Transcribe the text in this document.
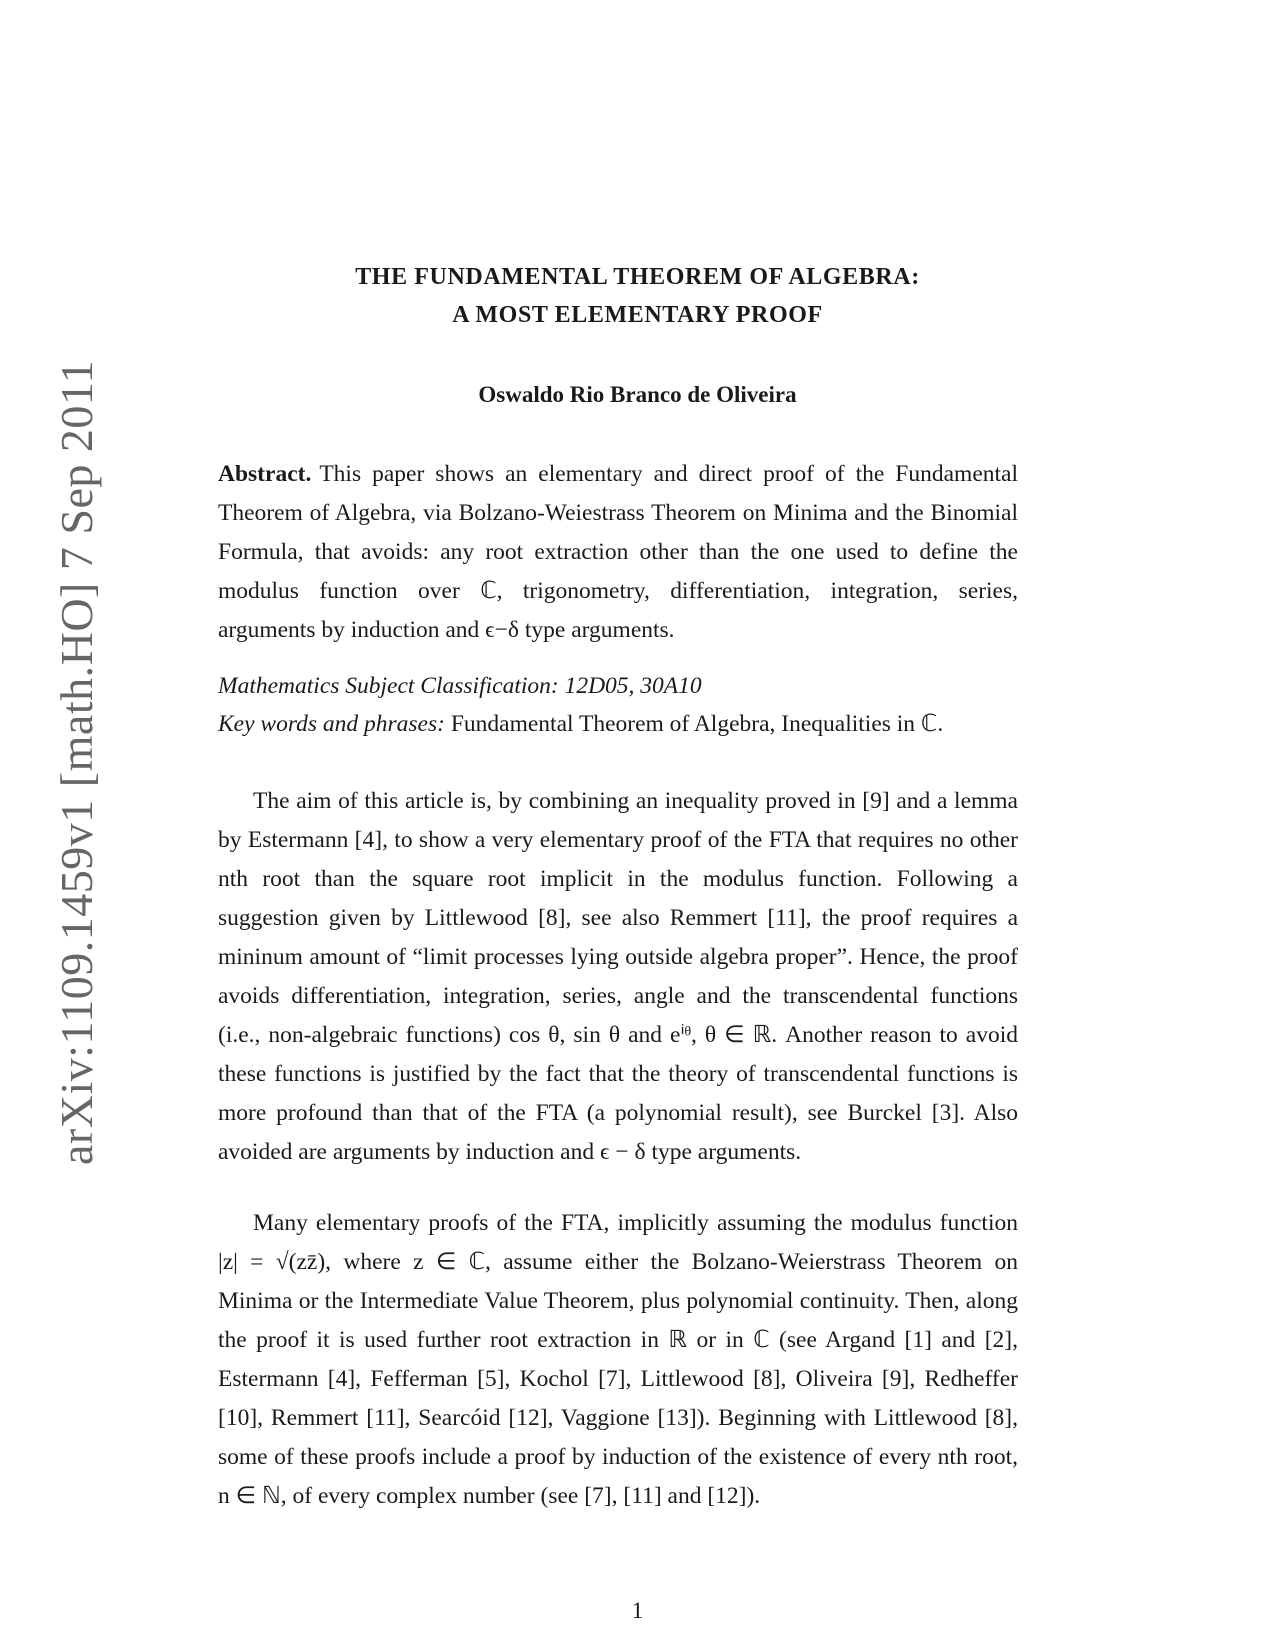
arXiv:1109.1459v1 [math.HO] 7 Sep 2011
THE FUNDAMENTAL THEOREM OF ALGEBRA:
A MOST ELEMENTARY PROOF
Oswaldo Rio Branco de Oliveira
Abstract. This paper shows an elementary and direct proof of the Fundamental Theorem of Algebra, via Bolzano-Weiestrass Theorem on Minima and the Binomial Formula, that avoids: any root extraction other than the one used to define the modulus function over ℂ, trigonometry, differentiation, integration, series, arguments by induction and ϵ−δ type arguments.
Mathematics Subject Classification: 12D05, 30A10
Key words and phrases: Fundamental Theorem of Algebra, Inequalities in ℂ.
The aim of this article is, by combining an inequality proved in [9] and a lemma by Estermann [4], to show a very elementary proof of the FTA that requires no other nth root than the square root implicit in the modulus function. Following a suggestion given by Littlewood [8], see also Remmert [11], the proof requires a mininum amount of “limit processes lying outside algebra proper”. Hence, the proof avoids differentiation, integration, series, angle and the transcendental functions (i.e., non-algebraic functions) cos θ, sin θ and eⁱᶿ, θ ∈ ℝ. Another reason to avoid these functions is justified by the fact that the theory of transcendental functions is more profound than that of the FTA (a polynomial result), see Burckel [3]. Also avoided are arguments by induction and ϵ − δ type arguments.
Many elementary proofs of the FTA, implicitly assuming the modulus function |z| = √(zz̄), where z ∈ ℂ, assume either the Bolzano-Weierstrass Theorem on Minima or the Intermediate Value Theorem, plus polynomial continuity. Then, along the proof it is used further root extraction in ℝ or in ℂ (see Argand [1] and [2], Estermann [4], Fefferman [5], Kochol [7], Littlewood [8], Oliveira [9], Redheffer [10], Remmert [11], Searcóid [12], Vaggione [13]). Beginning with Littlewood [8], some of these proofs include a proof by induction of the existence of every nth root, n ∈ ℕ, of every complex number (see [7], [11] and [12]).
1
